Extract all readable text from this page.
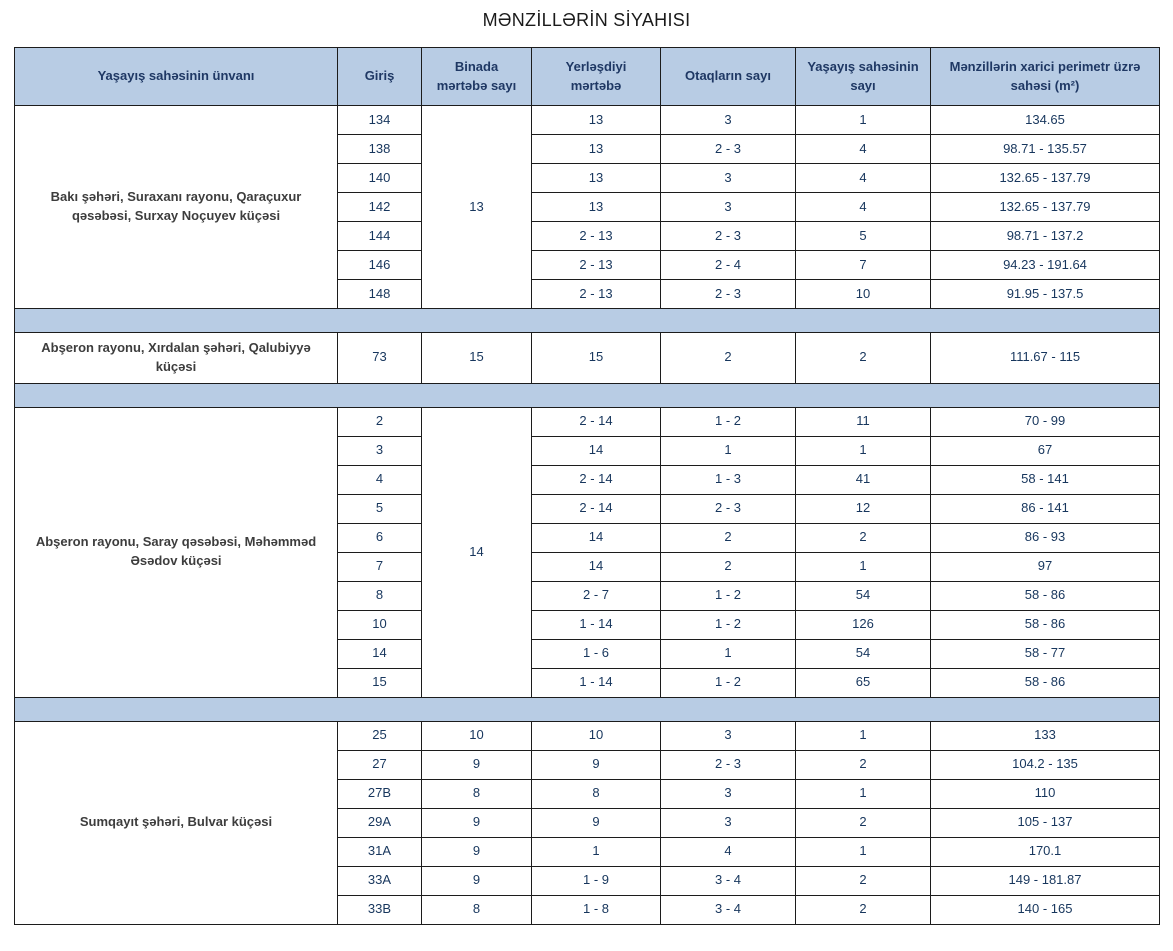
MƏNZİLLƏRİN SİYAHISI
Yaşayış sahəsinin ünvanı	Giriş	Binada mərtəbə sayı	Yerləşdiyi mərtəbə	Otaqların sayı	Yaşayış sahəsinin sayı	Mənzillərin xarici perimetr üzrə sahəsi (m²)
Bakı şəhəri, Suraxanı rayonu, Qaraçuxur qəsəbəsi, Surxay Noçuyev küçəsi	134	13	13	3	1	134.65
	138		13	2 - 3	4	98.71 - 135.57
	140		13	3	4	132.65 - 137.79
	142		13	3	4	132.65 - 137.79
	144		2 - 13	2 - 3	5	98.71 - 137.2
	146		2 - 13	2 - 4	7	94.23 - 191.64
	148		2 - 13	2 - 3	10	91.95 - 137.5

Abşeron rayonu, Xırdalan şəhəri, Qalubiyyə küçəsi	73	15	15	2	2	111.67 - 115

Abşeron rayonu, Saray qəsəbəsi, Məhəmməd Əsədov küçəsi	2	14	2 - 14	1 - 2	11	70 - 99
	3		14	1	1	67
	4		2 - 14	1 - 3	41	58 - 141
	5		2 - 14	2 - 3	12	86 - 141
	6		14	2	2	86 - 93
	7		14	2	1	97
	8		2 - 7	1 - 2	54	58 - 86
	10		1 - 14	1 - 2	126	58 - 86
	14		1 - 6	1	54	58 - 77
	15		1 - 14	1 - 2	65	58 - 86

Sumqayıt şəhəri, Bulvar küçəsi	25	10	10	3	1	133
	27	9	9	2 - 3	2	104.2 - 135
	27B	8	8	3	1	110
	29A	9	9	3	2	105 - 137
	31A	9	1	4	1	170.1
	33A	9	1 - 9	3 - 4	2	149 - 181.87
	33B	8	1 - 8	3 - 4	2	140 - 165
